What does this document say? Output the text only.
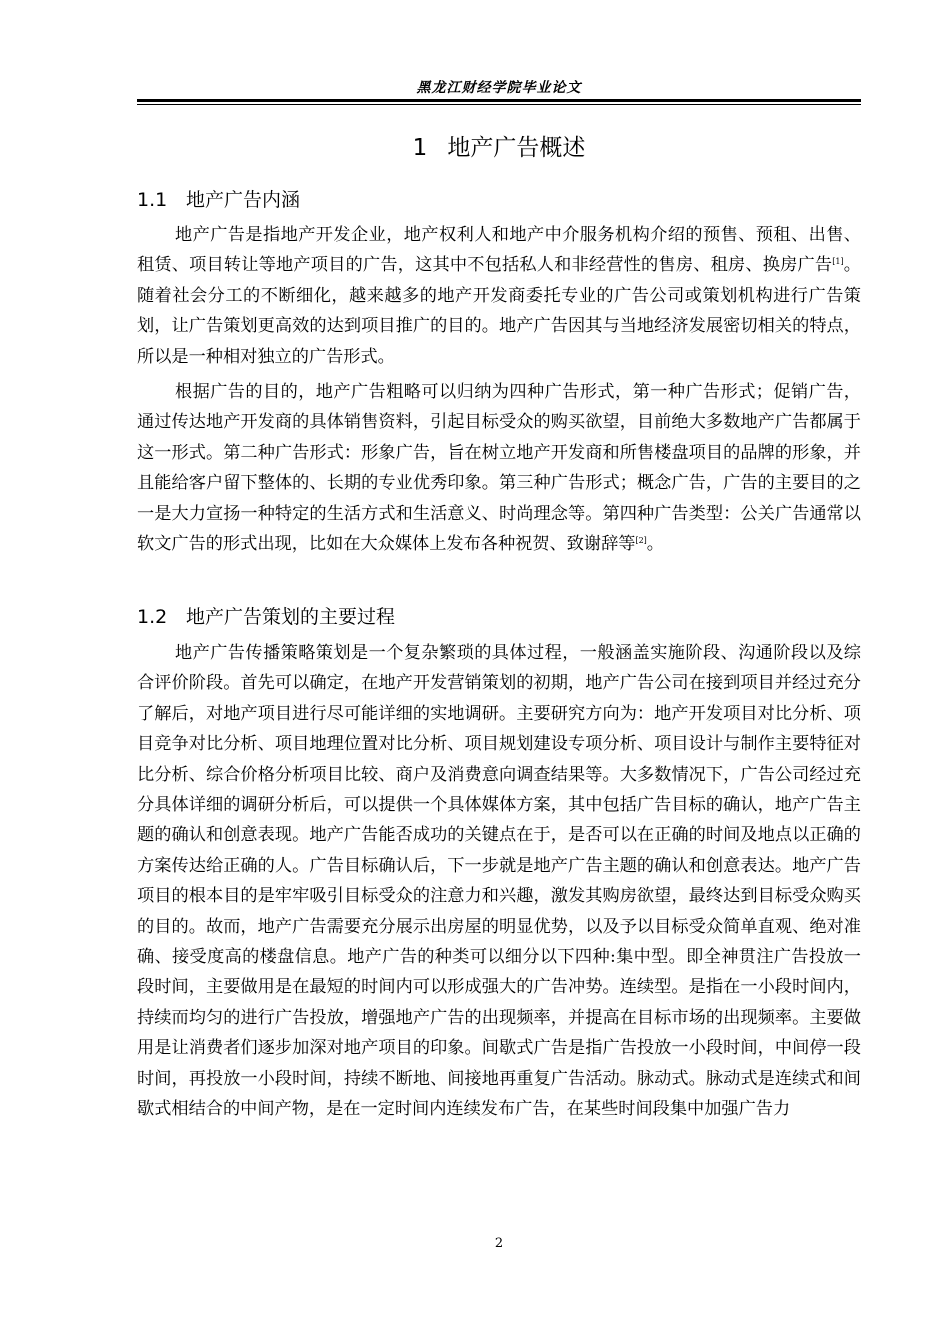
黑龙江财经学院毕业论文
1 地产广告概述
1.1 地产广告内涵

地产广告是指地产开发企业，地产权利人和地产中介服务机构介绍的预售、预租、出售、租赁、项目转让等地产项目的广告，这其中不包括私人和非经营性的售房、租房、换房广告[1]。随着社会分工的不断细化，越来越多的地产开发商委托专业的广告公司或策划机构进行广告策划，让广告策划更高效的达到项目推广的目的。地产广告因其与当地经济发展密切相关的特点，所以是一种相对独立的广告形式。

根据广告的目的，地产广告粗略可以归纳为四种广告形式，第一种广告形式；促销广告，通过传达地产开发商的具体销售资料，引起目标受众的购买欲望，目前绝大多数地产广告都属于这一形式。第二种广告形式：形象广告，旨在树立地产开发商和所售楼盘项目的品牌的形象，并且能给客户留下整体的、长期的专业优秀印象。第三种广告形式；概念广告，广告的主要目的之一是大力宣扬一种特定的生活方式和生活意义、时尚理念等。第四种广告类型：公关广告通常以软文广告的形式出现，比如在大众媒体上发布各种祝贺、致谢辞等[2]。

1.2 地产广告策划的主要过程

地产广告传播策略策划是一个复杂繁琐的具体过程，一般涵盖实施阶段、沟通阶段以及综合评价阶段。首先可以确定，在地产开发营销策划的初期，地产广告公司在接到项目并经过充分了解后，对地产项目进行尽可能详细的实地调研。主要研究方向为：地产开发项目对比分析、项目竞争对比分析、项目地理位置对比分析、项目规划建设专项分析、项目设计与制作主要特征对比分析、综合价格分析项目比较、商户及消费意向调查结果等。大多数情况下，广告公司经过充分具体详细的调研分析后，可以提供一个具体媒体方案，其中包括广告目标的确认，地产广告主题的确认和创意表现。地产广告能否成功的关键点在于，是否可以在正确的时间及地点以正确的方案传达给正确的人。广告目标确认后，下一步就是地产广告主题的确认和创意表达。地产广告项目的根本目的是牢牢吸引目标受众的注意力和兴趣，激发其购房欲望，最终达到目标受众购买的目的。故而，地产广告需要充分展示出房屋的明显优势，以及予以目标受众简单直观、绝对准确、接受度高的楼盘信息。地产广告的种类可以细分以下四种:集中型。即全神贯注广告投放一段时间，主要做用是在最短的时间内可以形成强大的广告冲势。连续型。是指在一小段时间内，持续而均匀的进行广告投放，增强地产广告的出现频率，并提高在目标市场的出现频率。主要做用是让消费者们逐步加深对地产项目的印象。间歇式广告是指广告投放一小段时间，中间停一段时间，再投放一小段时间，持续不断地、间接地再重复广告活动。脉动式。脉动式是连续式和间歇式相结合的中间产物，是在一定时间内连续发布广告，在某些时间段集中加强广告力

2
